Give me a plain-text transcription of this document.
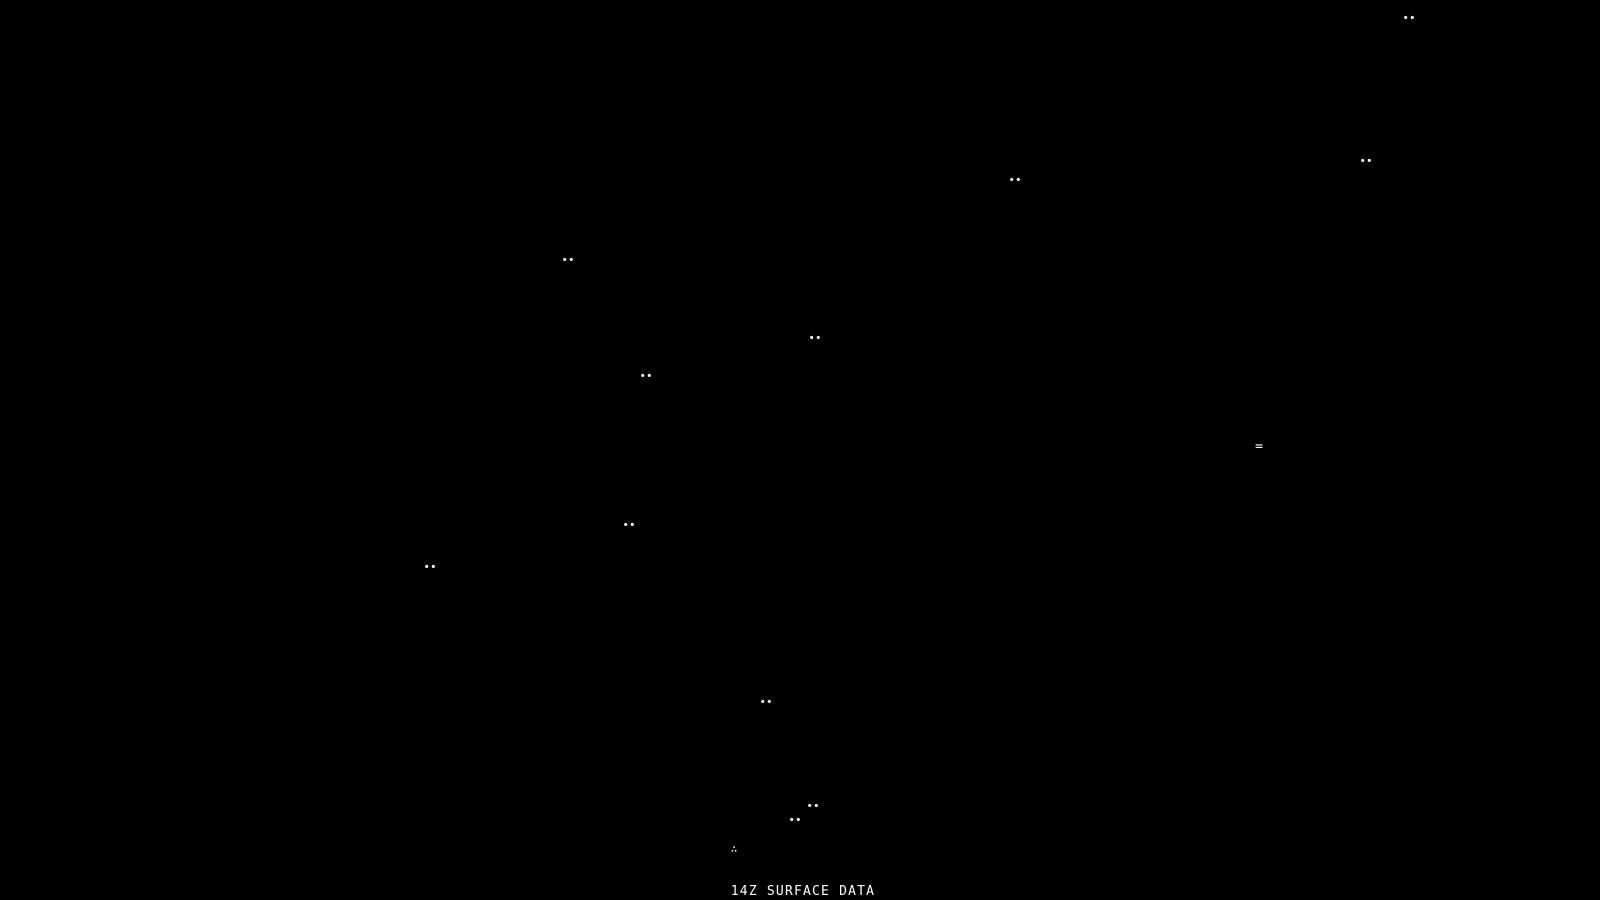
14Z SURFACE DATA
••
••
••
••
••
••
••
••
••
••
••
∴
=
